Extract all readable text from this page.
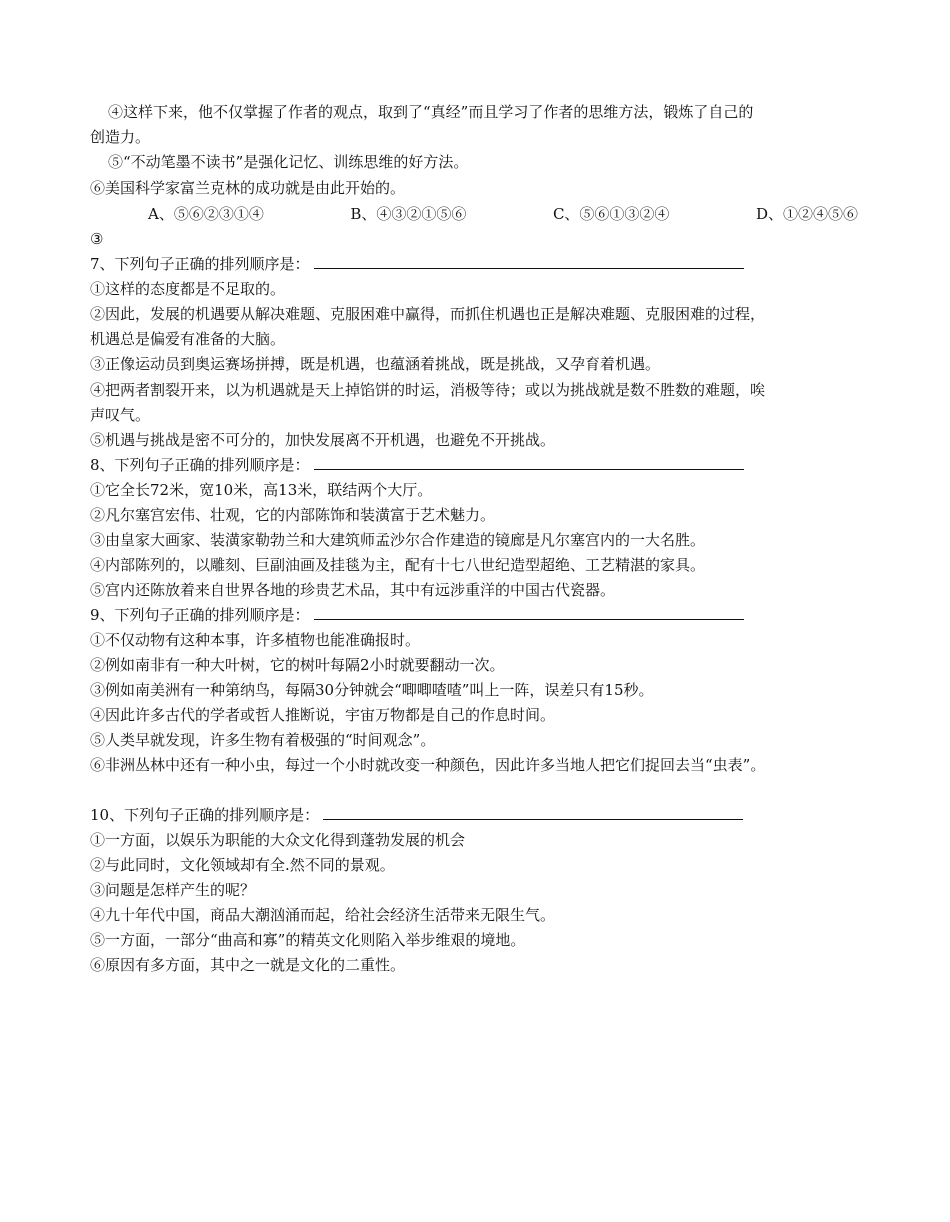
④这样下来，他不仅掌握了作者的观点，取到了“真经”而且学习了作者的思维方法，锻炼了自己的
创造力。
⑤“不动笔墨不读书”是强化记忆、训练思维的好方法。
⑥美国科学家富兰克林的成功就是由此开始的。
A、⑤⑥②③①④	B、④③②①⑤⑥	C、⑤⑥①③②④	D、①②④⑤⑥
③
7、下列句子正确的排列顺序是：
①这样的态度都是不足取的。
②因此，发展的机遇要从解决难题、克服困难中赢得，而抓住机遇也正是解决难题、克服困难的过程，
机遇总是偏爱有准备的大脑。
③正像运动员到奥运赛场拼搏，既是机遇，也蕴涵着挑战，既是挑战，又孕育着机遇。
④把两者割裂开来，以为机遇就是天上掉馅饼的时运，消极等待；或以为挑战就是数不胜数的难题，唉
声叹气。
⑤机遇与挑战是密不可分的，加快发展离不开机遇，也避免不开挑战。
8、下列句子正确的排列顺序是：
①它全长72米，宽10米，高13米，联结两个大厅。
②凡尔塞宫宏伟、壮观，它的内部陈饰和装潢富于艺术魅力。
③由皇家大画家、装潢家勒勃兰和大建筑师孟沙尔合作建造的镜廊是凡尔塞宫内的一大名胜。
④内部陈列的，以雕刻、巨副油画及挂毯为主，配有十七八世纪造型超绝、工艺精湛的家具。
⑤宫内还陈放着来自世界各地的珍贵艺术品，其中有远涉重洋的中国古代瓷器。
9、下列句子正确的排列顺序是：
①不仅动物有这种本事，许多植物也能准确报时。
②例如南非有一种大叶树，它的树叶每隔2小时就要翻动一次。
③例如南美洲有一种第纳鸟，每隔30分钟就会“唧唧喳喳”叫上一阵，误差只有15秒。
④因此许多古代的学者或哲人推断说，宇宙万物都是自己的作息时间。
⑤人类早就发现，许多生物有着极强的“时间观念”。
⑥非洲丛林中还有一种小虫，每过一个小时就改变一种颜色，因此许多当地人把它们捉回去当“虫表”。
10、下列句子正确的排列顺序是：
①一方面，以娱乐为职能的大众文化得到蓬勃发展的机会
②与此同时，文化领域却有全.然不同的景观。
③问题是怎样产生的呢？
④九十年代中国，商品大潮汹涌而起，给社会经济生活带来无限生气。
⑤一方面，一部分“曲高和寡”的精英文化则陷入举步维艰的境地。
⑥原因有多方面，其中之一就是文化的二重性。
